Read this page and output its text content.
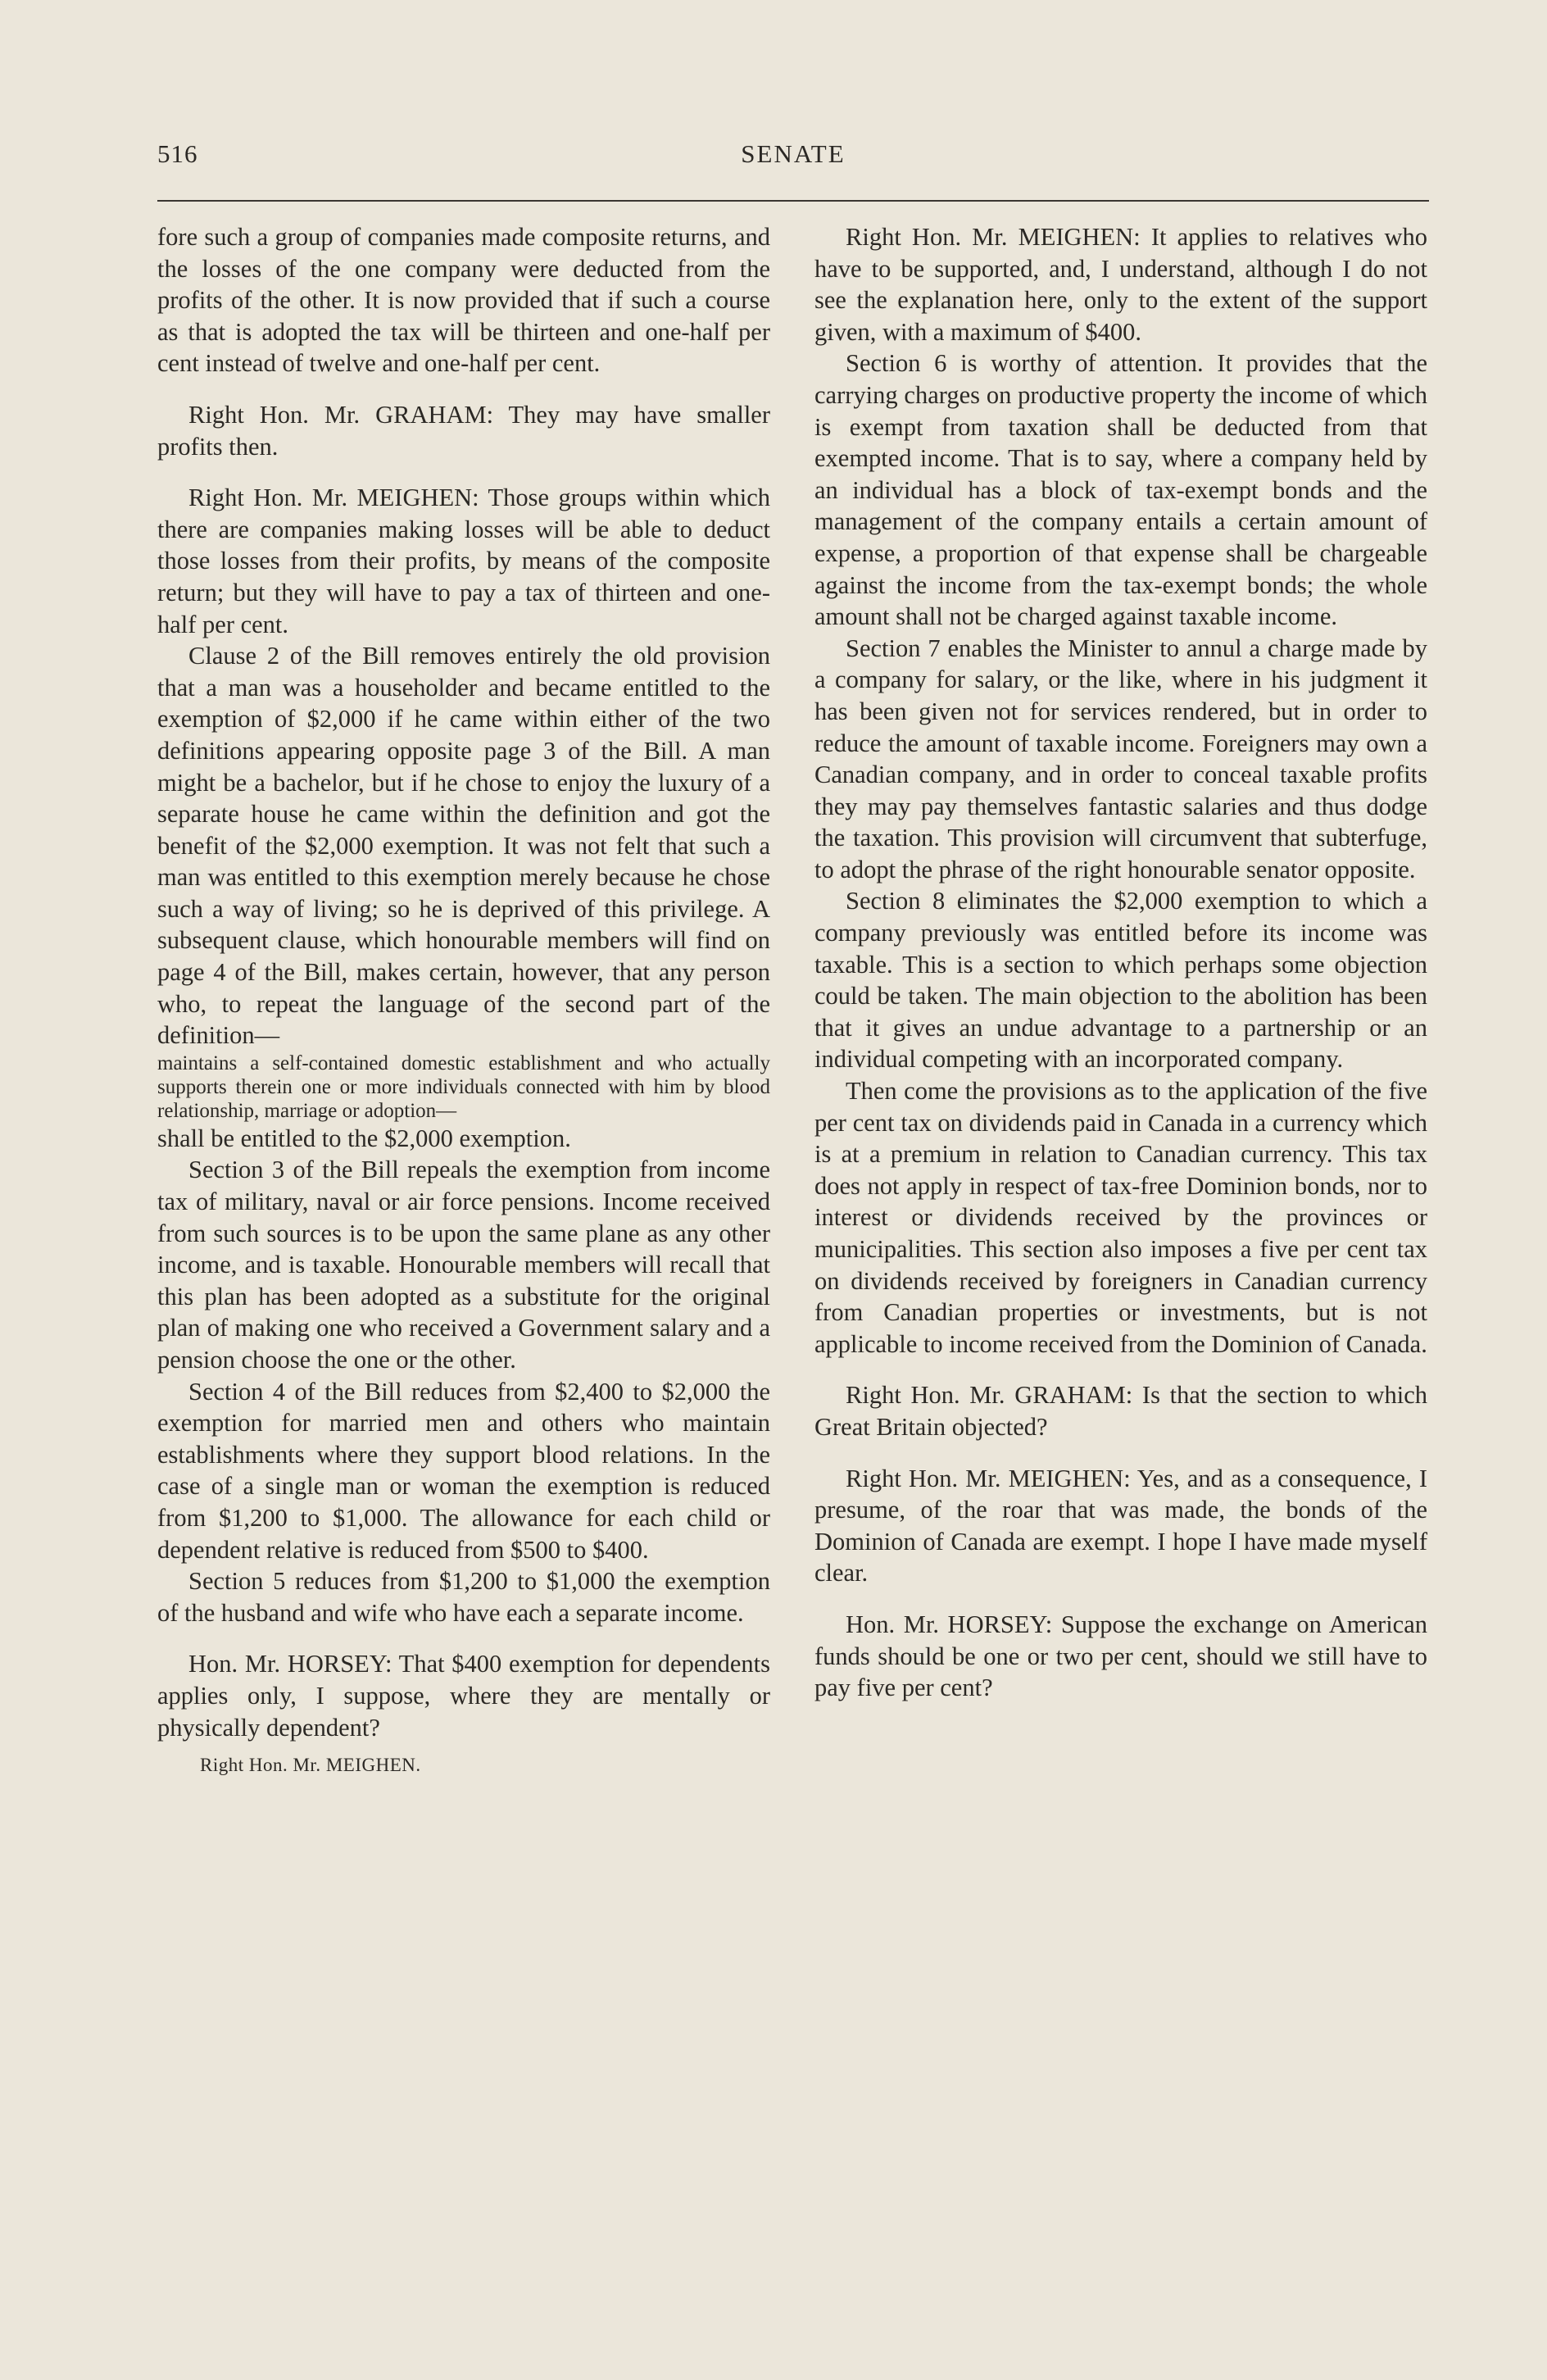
516	SENATE

fore such a group of companies made composite returns, and the losses of the one company were deducted from the profits of the other. It is now provided that if such a course as that is adopted the tax will be thirteen and one-half per cent instead of twelve and one-half per cent.

Right Hon. Mr. GRAHAM: They may have smaller profits then.

Right Hon. Mr. MEIGHEN: Those groups within which there are companies making losses will be able to deduct those losses from their profits, by means of the composite return; but they will have to pay a tax of thirteen and one-half per cent.

Clause 2 of the Bill removes entirely the old provision that a man was a householder and became entitled to the exemption of $2,000 if he came within either of the two definitions appearing opposite page 3 of the Bill. A man might be a bachelor, but if he chose to enjoy the luxury of a separate house he came within the definition and got the benefit of the $2,000 exemption. It was not felt that such a man was entitled to this exemption merely because he chose such a way of living; so he is deprived of this privilege. A subsequent clause, which honourable members will find on page 4 of the Bill, makes certain, however, that any person who, to repeat the language of the second part of the definition—

maintains a self-contained domestic establishment and who actually supports therein one or more individuals connected with him by blood relationship, marriage or adoption—

shall be entitled to the $2,000 exemption.

Section 3 of the Bill repeals the exemption from income tax of military, naval or air force pensions. Income received from such sources is to be upon the same plane as any other income, and is taxable. Honourable members will recall that this plan has been adopted as a substitute for the original plan of making one who received a Government salary and a pension choose the one or the other.

Section 4 of the Bill reduces from $2,400 to $2,000 the exemption for married men and others who maintain establishments where they support blood relations. In the case of a single man or woman the exemption is reduced from $1,200 to $1,000. The allowance for each child or dependent relative is reduced from $500 to $400.

Section 5 reduces from $1,200 to $1,000 the exemption of the husband and wife who have each a separate income.

Hon. Mr. HORSEY: That $400 exemption for dependents applies only, I suppose, where they are mentally or physically dependent?

Right Hon. Mr. MEIGHEN.

Right Hon. Mr. MEIGHEN: It applies to relatives who have to be supported, and, I understand, although I do not see the explanation here, only to the extent of the support given, with a maximum of $400.

Section 6 is worthy of attention. It provides that the carrying charges on productive property the income of which is exempt from taxation shall be deducted from that exempted income. That is to say, where a company held by an individual has a block of tax-exempt bonds and the management of the company entails a certain amount of expense, a proportion of that expense shall be chargeable against the income from the tax-exempt bonds; the whole amount shall not be charged against taxable income.

Section 7 enables the Minister to annul a charge made by a company for salary, or the like, where in his judgment it has been given not for services rendered, but in order to reduce the amount of taxable income. Foreigners may own a Canadian company, and in order to conceal taxable profits they may pay themselves fantastic salaries and thus dodge the taxation. This provision will circumvent that subterfuge, to adopt the phrase of the right honourable senator opposite.

Section 8 eliminates the $2,000 exemption to which a company previously was entitled before its income was taxable. This is a section to which perhaps some objection could be taken. The main objection to the abolition has been that it gives an undue advantage to a partnership or an individual competing with an incorporated company.

Then come the provisions as to the application of the five per cent tax on dividends paid in Canada in a currency which is at a premium in relation to Canadian currency. This tax does not apply in respect of tax-free Dominion bonds, nor to interest or dividends received by the provinces or municipalities. This section also imposes a five per cent tax on dividends received by foreigners in Canadian currency from Canadian properties or investments, but is not applicable to income received from the Dominion of Canada.

Right Hon. Mr. GRAHAM: Is that the section to which Great Britain objected?

Right Hon. Mr. MEIGHEN: Yes, and as a consequence, I presume, of the roar that was made, the bonds of the Dominion of Canada are exempt. I hope I have made myself clear.

Hon. Mr. HORSEY: Suppose the exchange on American funds should be one or two per cent, should we still have to pay five per cent?
